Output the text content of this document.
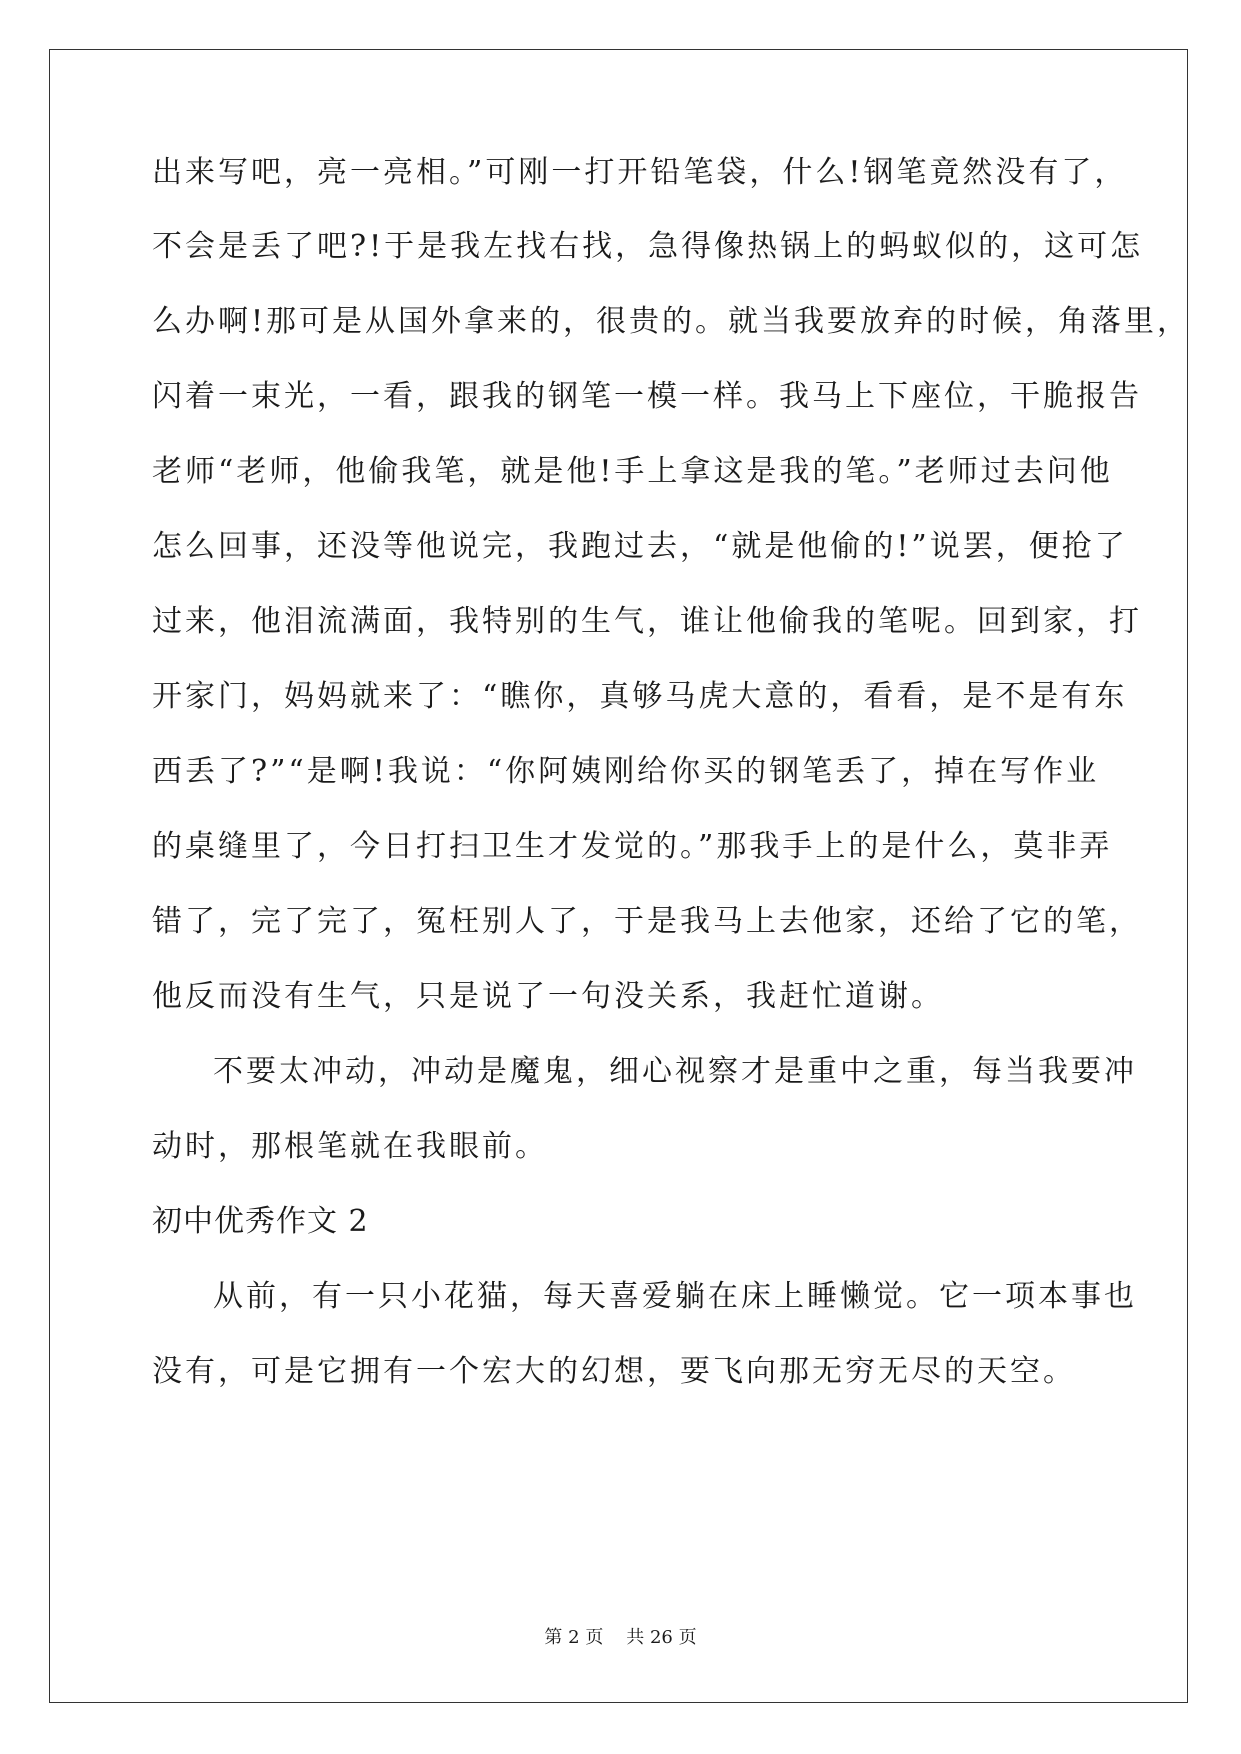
出来写吧，亮一亮相。”可刚一打开铅笔袋，什么!钢笔竟然没有了，
不会是丢了吧?!于是我左找右找，急得像热锅上的蚂蚁似的，这可怎
么办啊!那可是从国外拿来的，很贵的。就当我要放弃的时候，角落里，
闪着一束光，一看，跟我的钢笔一模一样。我马上下座位，干脆报告
老师“老师，他偷我笔，就是他!手上拿这是我的笔。”老师过去问他
怎么回事，还没等他说完，我跑过去，“就是他偷的!”说罢，便抢了
过来，他泪流满面，我特别的生气，谁让他偷我的笔呢。回到家，打
开家门，妈妈就来了：“瞧你，真够马虎大意的，看看，是不是有东
西丢了?”“是啊!我说：“你阿姨刚给你买的钢笔丢了，掉在写作业
的桌缝里了，今日打扫卫生才发觉的。”那我手上的是什么，莫非弄
错了，完了完了，冤枉别人了，于是我马上去他家，还给了它的笔，
他反而没有生气，只是说了一句没关系，我赶忙道谢。
不要太冲动，冲动是魔鬼，细心视察才是重中之重，每当我要冲
动时，那根笔就在我眼前。
初中优秀作文 2
从前，有一只小花猫，每天喜爱躺在床上睡懒觉。它一项本事也
没有，可是它拥有一个宏大的幻想，要飞向那无穷无尽的天空。
第 2 页 共 26 页
